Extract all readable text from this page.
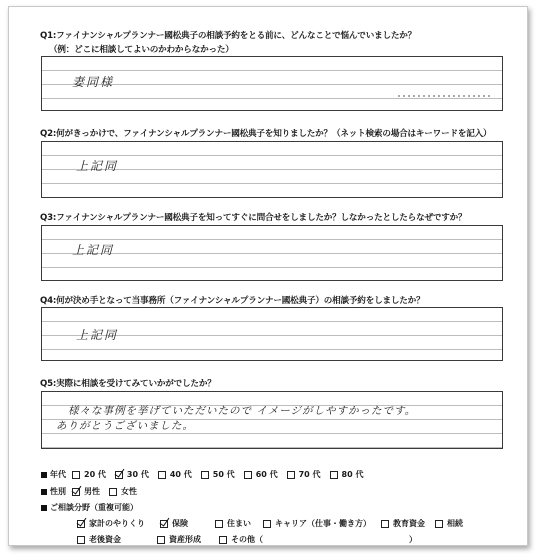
Q1:ファイナンシャルプランナー國松典子の相談予約をとる前に、どんなことで悩んでいましたか？
（例：どこに相談してよいのかわからなかった）
妻同様
Q2:何がきっかけで、ファイナンシャルプランナー國松典子を知りましたか？（ネット検索の場合はキーワードを記入）
上記同
Q3:ファイナンシャルプランナー國松典子を知ってすぐに問合せをしましたか？しなかったとしたらなぜですか？
上記同
Q4:何が決め手となって当事務所（ファイナンシャルプランナー國松典子）の相談予約をしましたか？
上記同
Q5:実際に相談を受けてみていかがでしたか？
様々な事例を挙げていただいたので イメージがしやすかったです。
ありがとうございました。
年代 20 代	30 代	40 代	50 代	60 代	70 代	80 代
性別 男性	女性
ご相談分野（重複可能）
家計のやりくり	保険	住まい	キャリア（仕事・働き方）	教育資金	相続
老後資金	資産形成	その他（	）
